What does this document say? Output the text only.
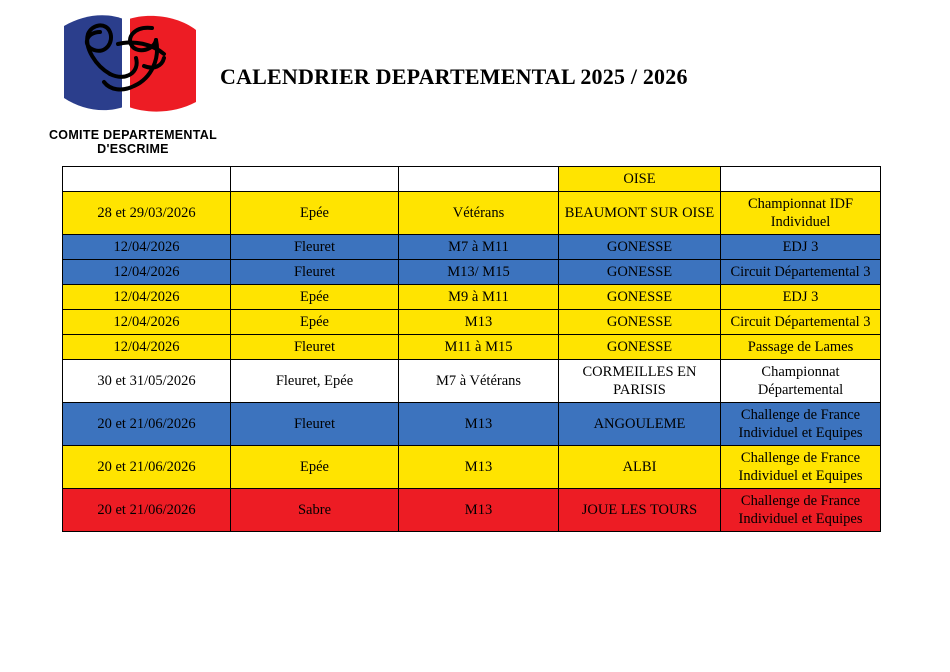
COMITE DEPARTEMENTAL
D'ESCRIME
CALENDRIER DEPARTEMENTAL 2025 / 2026
			OISE	
28 et 29/03/2026	Epée	Vétérans	BEAUMONT SUR OISE	Championnat IDF Individuel
12/04/2026	Fleuret	M7 à M11	GONESSE	EDJ 3
12/04/2026	Fleuret	M13/ M15	GONESSE	Circuit Départemental 3
12/04/2026	Epée	M9 à M11	GONESSE	EDJ 3
12/04/2026	Epée	M13	GONESSE	Circuit Départemental 3
12/04/2026	Fleuret	M11 à M15	GONESSE	Passage de Lames
30 et 31/05/2026	Fleuret, Epée	M7 à Vétérans	CORMEILLES EN PARISIS	Championnat Départemental
20 et 21/06/2026	Fleuret	M13	ANGOULEME	Challenge de France Individuel et Equipes
20 et 21/06/2026	Epée	M13	ALBI	Challenge de France Individuel et Equipes
20 et 21/06/2026	Sabre	M13	JOUE LES TOURS	Challenge de France Individuel et Equipes
